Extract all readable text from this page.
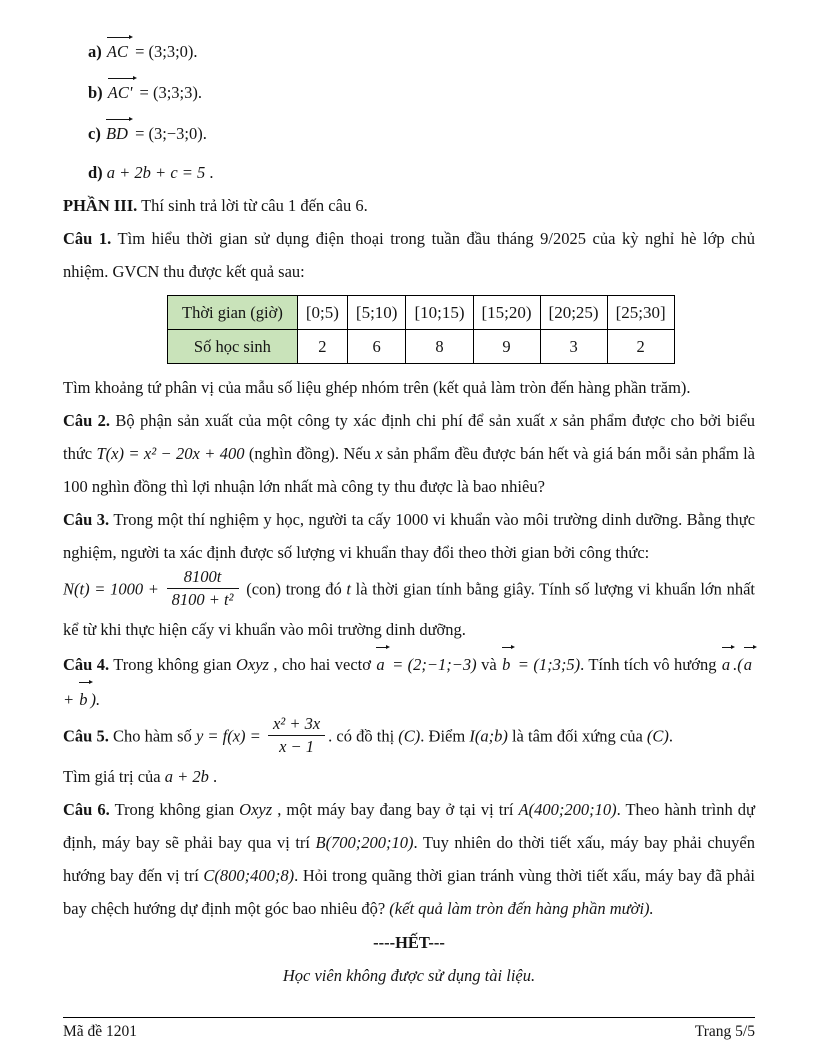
a) AC = (3;3;0).
b) AC' = (3;3;3).
c) BD = (3;−3;0).
d) a + 2b + c = 5 .

PHẦN III. Thí sinh trả lời từ câu 1 đến câu 6.

Câu 1. Tìm hiểu thời gian sử dụng điện thoại trong tuần đầu tháng 9/2025 của kỳ nghỉ hè lớp chủ nhiệm. GVCN thu được kết quả sau:

Thời gian (giờ)	[0;5)	[5;10)	[10;15)	[15;20)	[20;25)	[25;30]
Số học sinh	2	6	8	9	3	2

Tìm khoảng tứ phân vị của mẫu số liệu ghép nhóm trên (kết quả làm tròn đến hàng phần trăm).

Câu 2. Bộ phận sản xuất của một công ty xác định chi phí để sản xuất x sản phẩm được cho bởi biểu thức T(x) = x² − 20x + 400 (nghìn đồng). Nếu x sản phẩm đều được bán hết và giá bán mỗi sản phẩm là 100 nghìn đồng thì lợi nhuận lớn nhất mà công ty thu được là bao nhiêu?

Câu 3. Trong một thí nghiệm y học, người ta cấy 1000 vi khuẩn vào môi trường dinh dưỡng. Bằng thực nghiệm, người ta xác định được số lượng vi khuẩn thay đổi theo thời gian bởi công thức:

$N(t) = 1000 + \frac{8100t}{\text{8100 + t²}} (con)$ trong đó t là thời gian tính bằng giây. Tính số lượng vi khuẩn lớn nhất kể từ khi thực hiện cấy vi khuẩn vào môi trường dinh dưỡng.

Câu 4. Trong không gian Oxyz , cho hai vectơ a = (2;−1;−3) và b = (1;3;5). Tính tích vô hướng a .(a + b ).

Câu 5. Cho hàm số $y = f(x) = \frac{\text{x² + 3x}}{x - 1}$ . có đồ thị (C). Điểm I(a;b) là tâm đối xứng của (C).

Tìm giá trị của a + 2b .

Câu 6. Trong không gian Oxyz , một máy bay đang bay ở tại vị trí A(400;200;10). Theo hành trình dự định, máy bay sẽ phải bay qua vị trí B(700;200;10). Tuy nhiên do thời tiết xấu, máy bay phải chuyển hướng bay đến vị trí C(800;400;8). Hỏi trong quãng thời gian tránh vùng thời tiết xấu, máy bay đã phải bay chệch hướng dự định một góc bao nhiêu độ? (kết quả làm tròn đến hàng phần mười).

----HẾT---

Học viên không được sử dụng tài liệu.

Mã đề 1201	Trang 5/5
